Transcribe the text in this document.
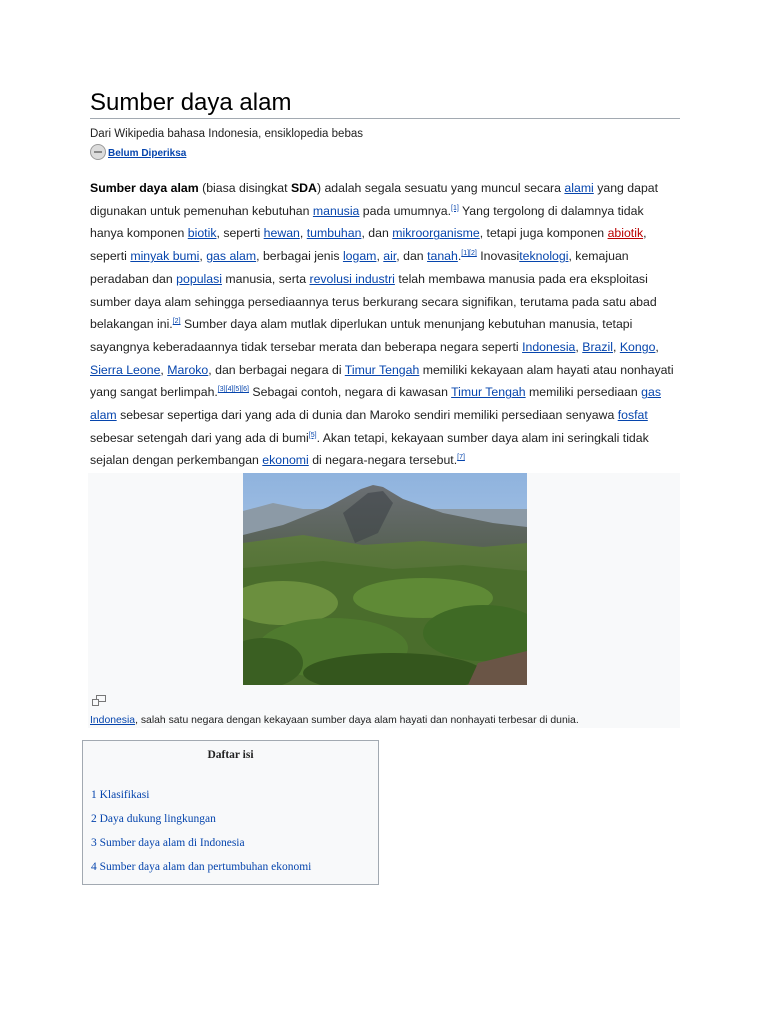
Sumber daya alam
Dari Wikipedia bahasa Indonesia, ensiklopedia bebas
Belum Diperiksa
Sumber daya alam (biasa disingkat SDA) adalah segala sesuatu yang muncul secara alami yang dapat digunakan untuk pemenuhan kebutuhan manusia pada umumnya.[1] Yang tergolong di dalamnya tidak hanya komponen biotik, seperti hewan, tumbuhan, dan mikroorganisme, tetapi juga komponen abiotik, seperti minyak bumi, gas alam, berbagai jenis logam, air, dan tanah.[1][2] Inovasiteknologi, kemajuan peradaban dan populasi manusia, serta revolusi industri telah membawa manusia pada era eksploitasi sumber daya alam sehingga persediaannya terus berkurang secara signifikan, terutama pada satu abad belakangan ini.[2] Sumber daya alam mutlak diperlukan untuk menunjang kebutuhan manusia, tetapi sayangnya keberadaannya tidak tersebar merata dan beberapa negara seperti Indonesia, Brazil, Kongo, Sierra Leone, Maroko, dan berbagai negara di Timur Tengah memiliki kekayaan alam hayati atau nonhayati yang sangat berlimpah.[3][4][5][6] Sebagai contoh, negara di kawasan Timur Tengah memiliki persediaan gas alam sebesar sepertiga dari yang ada di dunia dan Maroko sendiri memiliki persediaan senyawa fosfat sebesar setengah dari yang ada di bumi[5]. Akan tetapi, kekayaan sumber daya alam ini seringkali tidak sejalan dengan perkembangan ekonomi di negara-negara tersebut.[7]
Indonesia, salah satu negara dengan kekayaan sumber daya alam hayati dan nonhayati terbesar di dunia.
Daftar isi
1 Klasifikasi
2 Daya dukung lingkungan
3 Sumber daya alam di Indonesia
4 Sumber daya alam dan pertumbuhan ekonomi
